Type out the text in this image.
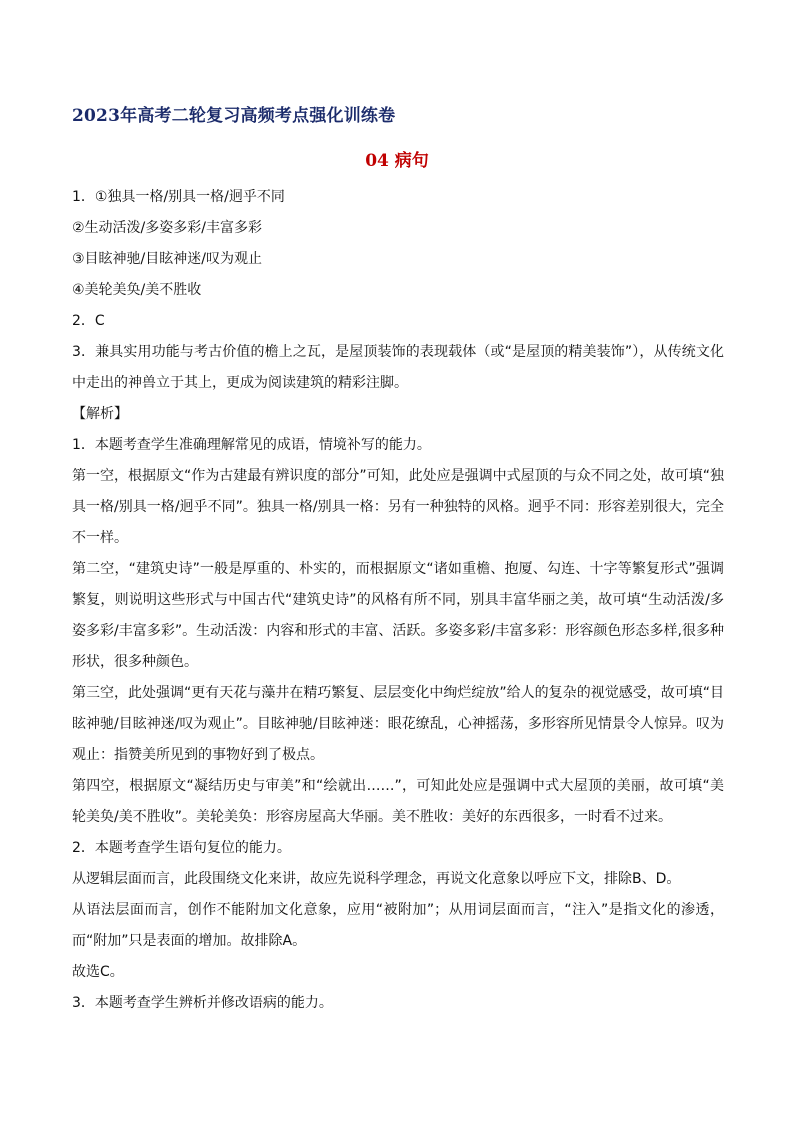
2023年高考二轮复习高频考点强化训练卷
04 病句

1．①独具一格/别具一格/迥乎不同

②生动活泼/多姿多彩/丰富多彩

③目眩神驰/目眩神迷/叹为观止

④美轮美奂/美不胜收

2．C

3．兼具实用功能与考古价值的檐上之瓦，是屋顶装饰的表现载体（或“是屋顶的精美装饰”），从传统文化中走出的神兽立于其上，更成为阅读建筑的精彩注脚。

【解析】

1．本题考查学生准确理解常见的成语，情境补写的能力。

第一空，根据原文“作为古建最有辨识度的部分”可知，此处应是强调中式屋顶的与众不同之处，故可填“独具一格/别具一格/迥乎不同”。独具一格/别具一格：另有一种独特的风格。迥乎不同：形容差别很大，完全不一样。

第二空，“建筑史诗”一般是厚重的、朴实的，而根据原文“诸如重檐、抱厦、勾连、十字等繁复形式”强调繁复，则说明这些形式与中国古代“建筑史诗”的风格有所不同，别具丰富华丽之美，故可填“生动活泼/多姿多彩/丰富多彩”。生动活泼：内容和形式的丰富、活跃。多姿多彩/丰富多彩：形容颜色形态多样,很多种形状，很多种颜色。

第三空，此处强调“更有天花与藻井在精巧繁复、层层变化中绚烂绽放”给人的复杂的视觉感受，故可填“目眩神驰/目眩神迷/叹为观止”。目眩神驰/目眩神迷：眼花缭乱，心神摇荡，多形容所见情景令人惊异。叹为观止：指赞美所见到的事物好到了极点。

第四空，根据原文“凝结历史与审美”和“绘就出……”，可知此处应是强调中式大屋顶的美丽，故可填“美轮美奂/美不胜收”。美轮美奂：形容房屋高大华丽。美不胜收：美好的东西很多，一时看不过来。

2．本题考查学生语句复位的能力。

从逻辑层面而言，此段围绕文化来讲，故应先说科学理念，再说文化意象以呼应下文，排除B、D。

从语法层面而言，创作不能附加文化意象，应用“被附加”；从用词层面而言，“注入”是指文化的渗透，而“附加”只是表面的增加。故排除A。

故选C。

3．本题考查学生辨析并修改语病的能力。
